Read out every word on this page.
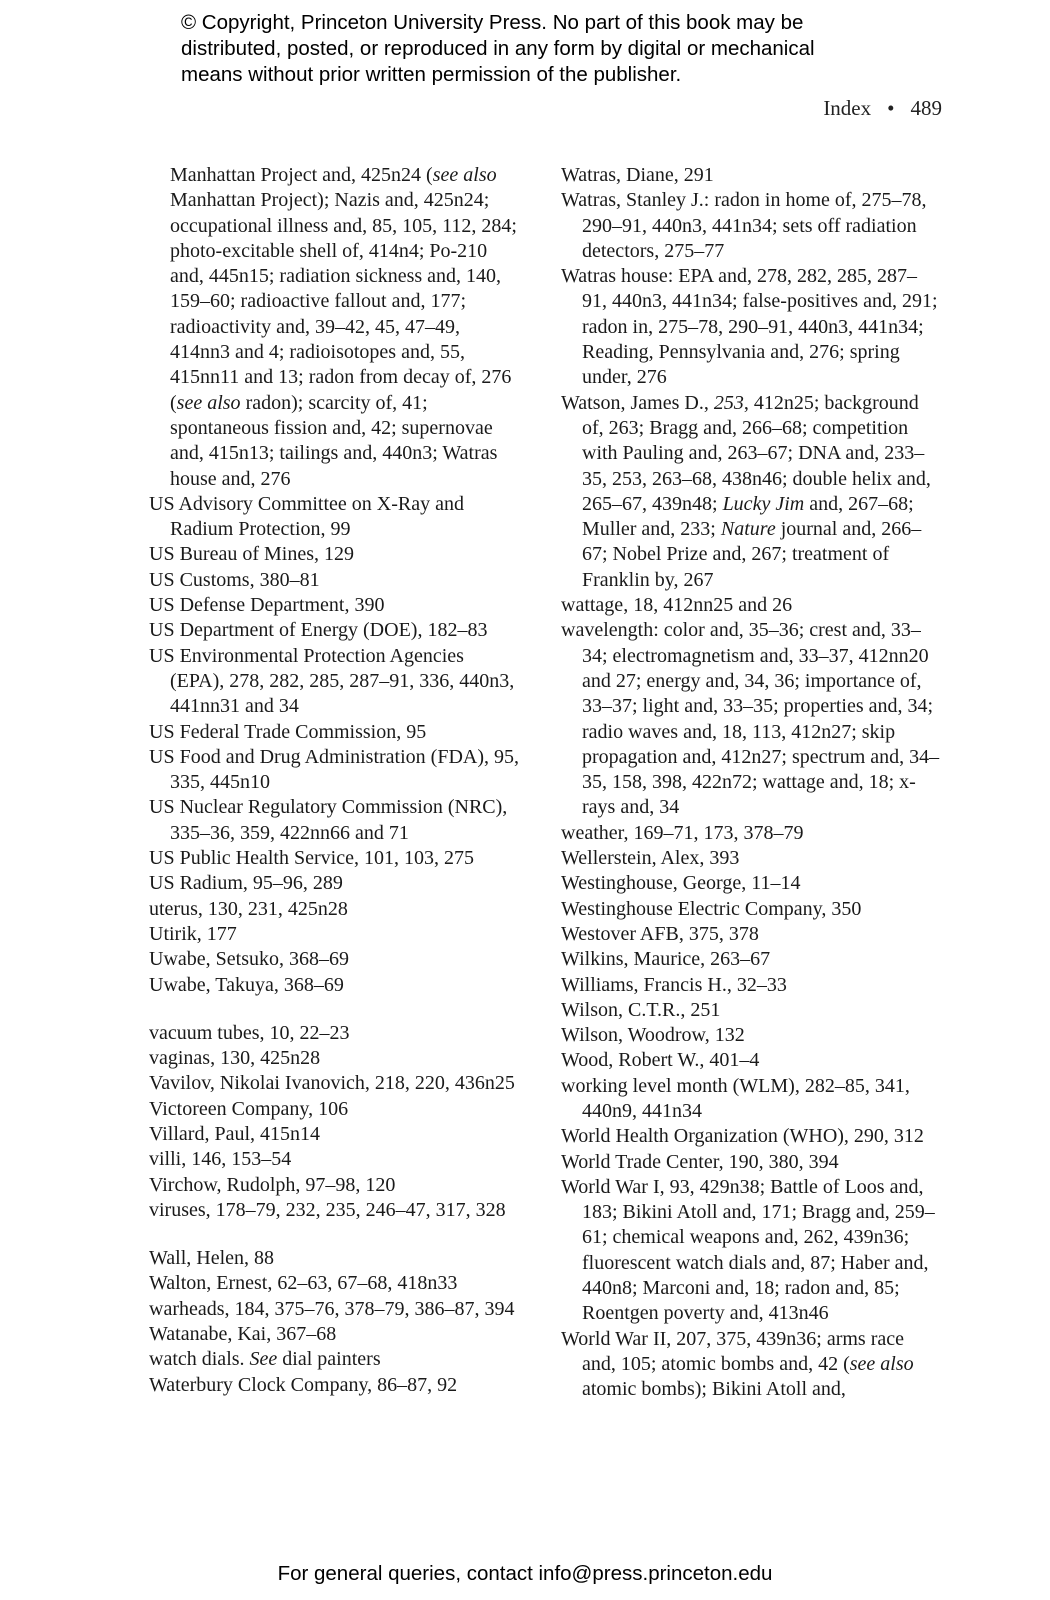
© Copyright, Princeton University Press. No part of this book may be
distributed, posted, or reproduced in any form by digital or mechanical
means without prior written permission of the publisher.
Index • 489
Manhattan Project and, 425n24 (see also Manhattan Project); Nazis and, 425n24; occupational illness and, 85, 105, 112, 284; photo-excitable shell of, 414n4; Po-210 and, 445n15; radiation sickness and, 140, 159–60; radioactive fallout and, 177; radioactivity and, 39–42, 45, 47–49, 414nn3 and 4; radioisotopes and, 55, 415nn11 and 13; radon from decay of, 276 (see also radon); scarcity of, 41; spontaneous fission and, 42; supernovae and, 415n13; tailings and, 440n3; Watras house and, 276
US Advisory Committee on X-Ray and Radium Protection, 99
US Bureau of Mines, 129
US Customs, 380–81
US Defense Department, 390
US Department of Energy (DOE), 182–83
US Environmental Protection Agencies (EPA), 278, 282, 285, 287–91, 336, 440n3, 441nn31 and 34
US Federal Trade Commission, 95
US Food and Drug Administration (FDA), 95, 335, 445n10
US Nuclear Regulatory Commission (NRC), 335–36, 359, 422nn66 and 71
US Public Health Service, 101, 103, 275
US Radium, 95–96, 289
uterus, 130, 231, 425n28
Utirik, 177
Uwabe, Setsuko, 368–69
Uwabe, Takuya, 368–69
vacuum tubes, 10, 22–23
vaginas, 130, 425n28
Vavilov, Nikolai Ivanovich, 218, 220, 436n25
Victoreen Company, 106
Villard, Paul, 415n14
villi, 146, 153–54
Virchow, Rudolph, 97–98, 120
viruses, 178–79, 232, 235, 246–47, 317, 328
Wall, Helen, 88
Walton, Ernest, 62–63, 67–68, 418n33
warheads, 184, 375–76, 378–79, 386–87, 394
Watanabe, Kai, 367–68
watch dials. See dial painters
Waterbury Clock Company, 86–87, 92
Watras, Diane, 291
Watras, Stanley J.: radon in home of, 275–78, 290–91, 440n3, 441n34; sets off radiation detectors, 275–77
Watras house: EPA and, 278, 282, 285, 287–91, 440n3, 441n34; false-positives and, 291; radon in, 275–78, 290–91, 440n3, 441n34; Reading, Pennsylvania and, 276; spring under, 276
Watson, James D., 253, 412n25; background of, 263; Bragg and, 266–68; competition with Pauling and, 263–67; DNA and, 233–35, 253, 263–68, 438n46; double helix and, 265–67, 439n48; Lucky Jim and, 267–68; Muller and, 233; Nature journal and, 266–67; Nobel Prize and, 267; treatment of Franklin by, 267
wattage, 18, 412nn25 and 26
wavelength: color and, 35–36; crest and, 33–34; electromagnetism and, 33–37, 412nn20 and 27; energy and, 34, 36; importance of, 33–37; light and, 33–35; properties and, 34; radio waves and, 18, 113, 412n27; skip propagation and, 412n27; spectrum and, 34–35, 158, 398, 422n72; wattage and, 18; x-rays and, 34
weather, 169–71, 173, 378–79
Wellerstein, Alex, 393
Westinghouse, George, 11–14
Westinghouse Electric Company, 350
Westover AFB, 375, 378
Wilkins, Maurice, 263–67
Williams, Francis H., 32–33
Wilson, C.T.R., 251
Wilson, Woodrow, 132
Wood, Robert W., 401–4
working level month (WLM), 282–85, 341, 440n9, 441n34
World Health Organization (WHO), 290, 312
World Trade Center, 190, 380, 394
World War I, 93, 429n38; Battle of Loos and, 183; Bikini Atoll and, 171; Bragg and, 259–61; chemical weapons and, 262, 439n36; fluorescent watch dials and, 87; Haber and, 440n8; Marconi and, 18; radon and, 85; Roentgen poverty and, 413n46
World War II, 207, 375, 439n36; arms race and, 105; atomic bombs and, 42 (see also atomic bombs); Bikini Atoll and,
For general queries, contact info@press.princeton.edu
